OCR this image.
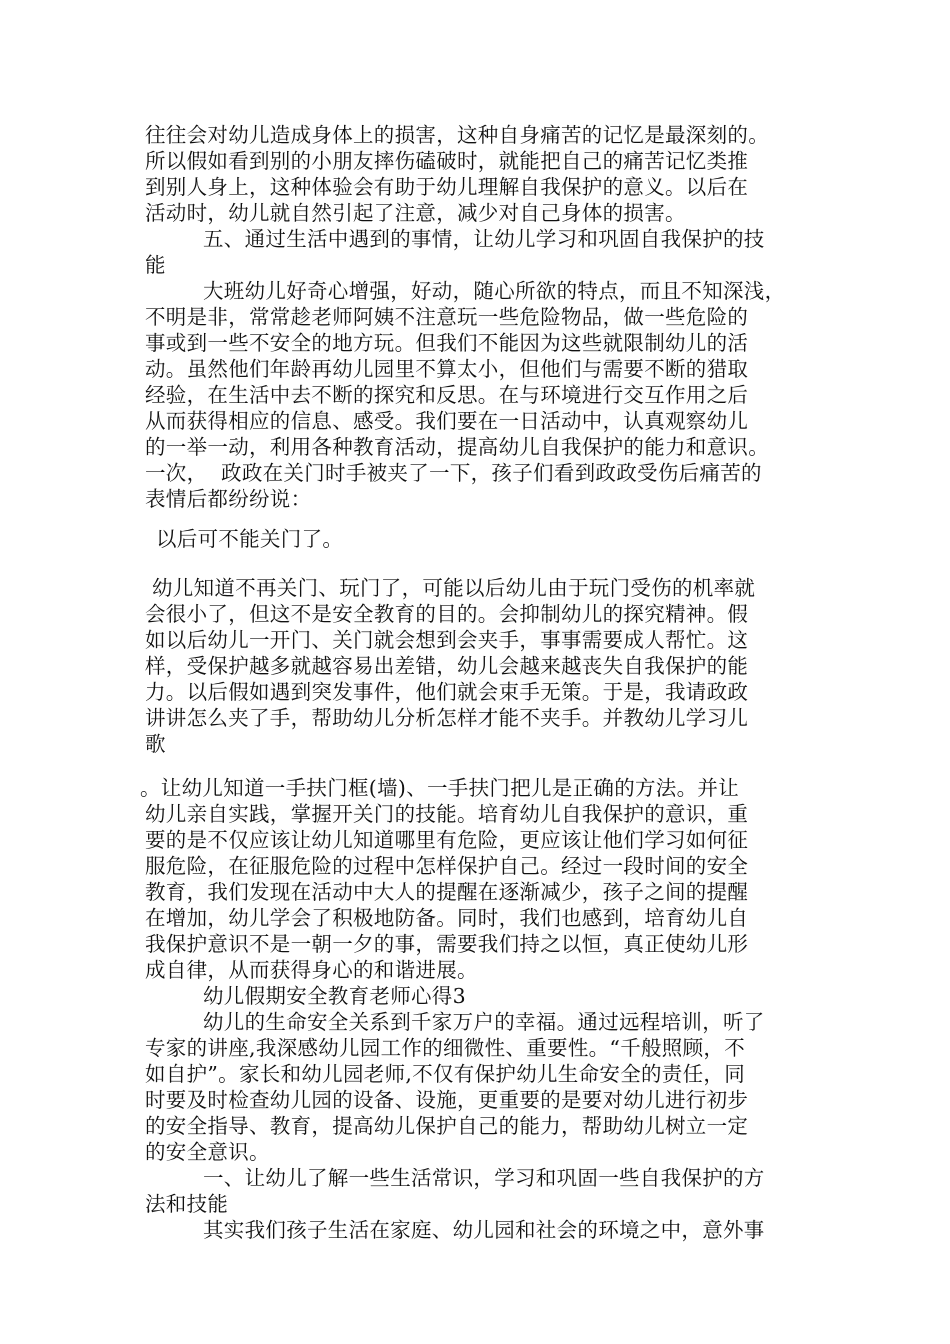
往往会对幼儿造成身体上的损害，这种自身痛苦的记忆是最深刻的。
所以假如看到别的小朋友摔伤磕破时，就能把自己的痛苦记忆类推
到别人身上，这种体验会有助于幼儿理解自我保护的意义。以后在
活动时，幼儿就自然引起了注意，减少对自己身体的损害。
五、通过生活中遇到的事情，让幼儿学习和巩固自我保护的技
能
大班幼儿好奇心增强，好动，随心所欲的特点，而且不知深浅，
不明是非，常常趁老师阿姨不注意玩一些危险物品，做一些危险的
事或到一些不安全的地方玩。但我们不能因为这些就限制幼儿的活
动。虽然他们年龄再幼儿园里不算太小，但他们与需要不断的猎取
经验，在生活中去不断的探究和反思。在与环境进行交互作用之后
从而获得相应的信息、感受。我们要在一日活动中，认真观察幼儿
的一举一动，利用各种教育活动，提高幼儿自我保护的能力和意识。
一次，  政政在关门时手被夹了一下，孩子们看到政政受伤后痛苦的
表情后都纷纷说：
以后可不能关门了。
幼儿知道不再关门、玩门了，可能以后幼儿由于玩门受伤的机率就
会很小了，但这不是安全教育的目的。会抑制幼儿的探究精神。假
如以后幼儿一开门、关门就会想到会夹手，事事需要成人帮忙。这
样，受保护越多就越容易出差错，幼儿会越来越丧失自我保护的能
力。以后假如遇到突发事件，他们就会束手无策。于是，我请政政
讲讲怎么夹了手，帮助幼儿分析怎样才能不夹手。并教幼儿学习儿
歌
。让幼儿知道一手扶门框(墙)、一手扶门把儿是正确的方法。并让
幼儿亲自实践，掌握开关门的技能。培育幼儿自我保护的意识，重
要的是不仅应该让幼儿知道哪里有危险，更应该让他们学习如何征
服危险，在征服危险的过程中怎样保护自己。经过一段时间的安全
教育，我们发现在活动中大人的提醒在逐渐减少，孩子之间的提醒
在增加，幼儿学会了积极地防备。同时，我们也感到，培育幼儿自
我保护意识不是一朝一夕的事，需要我们持之以恒，真正使幼儿形
成自律，从而获得身心的和谐进展。
幼儿假期安全教育老师心得3
幼儿的生命安全关系到千家万户的幸福。通过远程培训，听了
专家的讲座,我深感幼儿园工作的细微性、重要性。“千般照顾，不
如自护”。家长和幼儿园老师,不仅有保护幼儿生命安全的责任，同
时要及时检查幼儿园的设备、设施，更重要的是要对幼儿进行初步
的安全指导、教育，提高幼儿保护自己的能力，帮助幼儿树立一定
的安全意识。
一、让幼儿了解一些生活常识，学习和巩固一些自我保护的方
法和技能
其实我们孩子生活在家庭、幼儿园和社会的环境之中，意外事
